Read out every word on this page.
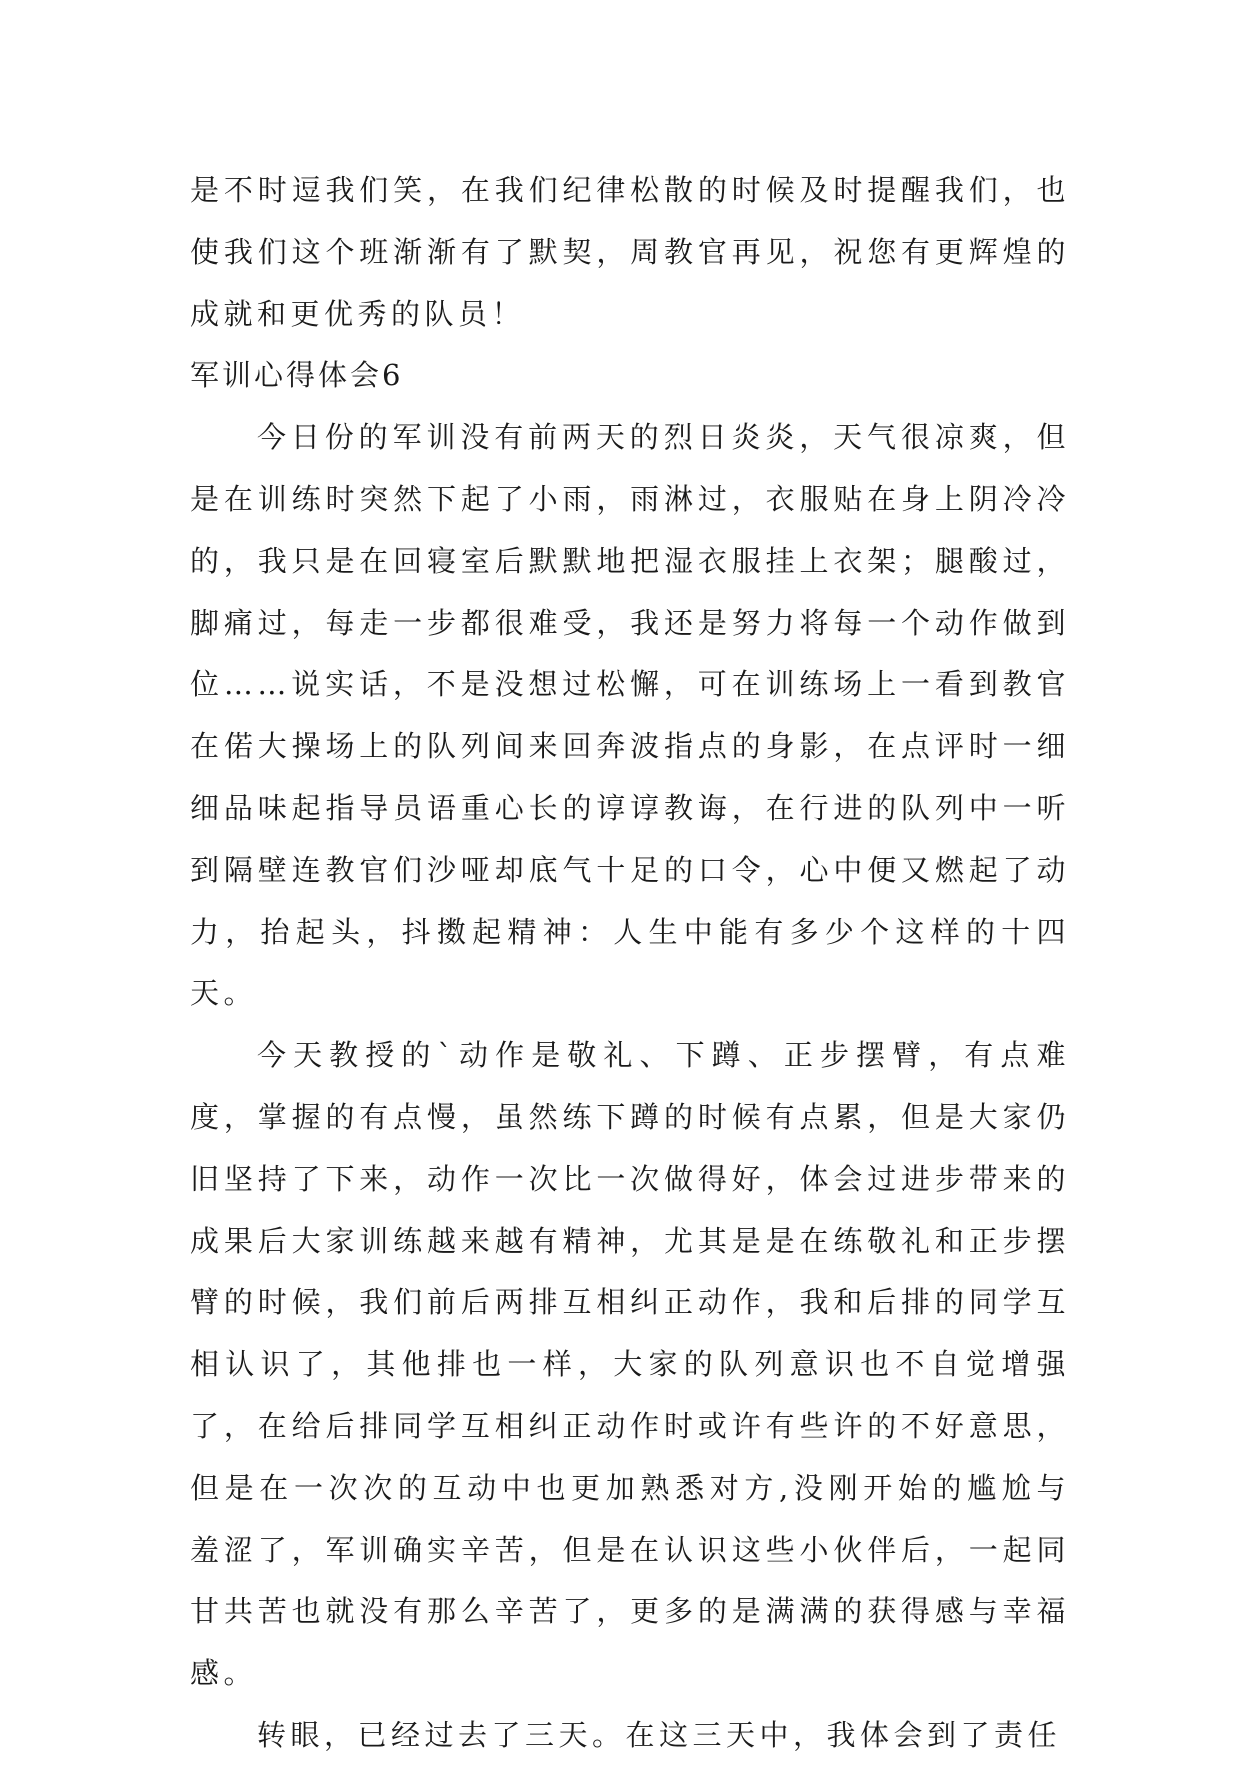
是不时逗我们笑，在我们纪律松散的时候及时提醒我们，也使我们这个班渐渐有了默契，周教官再见，祝您有更辉煌的成就和更优秀的队员！

军训心得体会6

今日份的军训没有前两天的烈日炎炎，天气很凉爽，但是在训练时突然下起了小雨，雨淋过，衣服贴在身上阴冷冷的，我只是在回寝室后默默地把湿衣服挂上衣架；腿酸过，脚痛过，每走一步都很难受，我还是努力将每一个动作做到位……说实话，不是没想过松懈，可在训练场上一看到教官在偌大操场上的队列间来回奔波指点的身影，在点评时一细细品味起指导员语重心长的谆谆教诲，在行进的队列中一听到隔壁连教官们沙哑却底气十足的口令，心中便又燃起了动力，抬起头，抖擞起精神：人生中能有多少个这样的十四天。

今天教授的`动作是敬礼、下蹲、正步摆臂，有点难度，掌握的有点慢，虽然练下蹲的时候有点累，但是大家仍旧坚持了下来，动作一次比一次做得好，体会过进步带来的成果后大家训练越来越有精神，尤其是是在练敬礼和正步摆臂的时候，我们前后两排互相纠正动作，我和后排的同学互相认识了，其他排也一样，大家的队列意识也不自觉增强了，在给后排同学互相纠正动作时或许有些许的不好意思，但是在一次次的互动中也更加熟悉对方,没刚开始的尴尬与羞涩了，军训确实辛苦，但是在认识这些小伙伴后，一起同甘共苦也就没有那么辛苦了，更多的是满满的获得感与幸福感。

转眼，已经过去了三天。在这三天中，我体会到了责任
